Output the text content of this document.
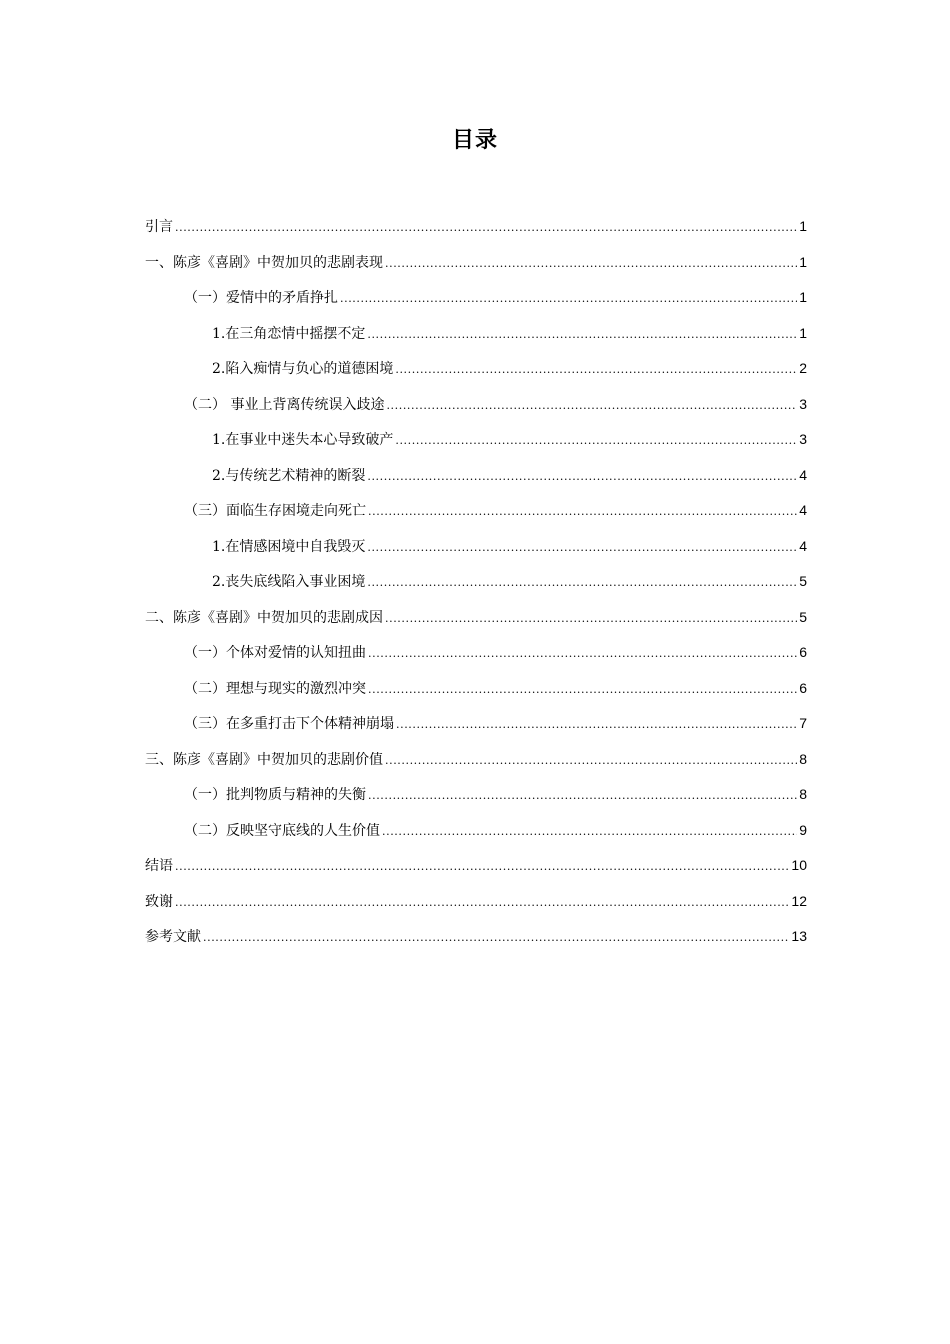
目录
引言 .....	1
一、陈彦《喜剧》中贺加贝的悲剧表现 .....	1
（一）爱情中的矛盾挣扎 .....	1
1.在三角恋情中摇摆不定 .....	1
2.陷入痴情与负心的道德困境 .....	2
（二） 事业上背离传统误入歧途 .....	3
1.在事业中迷失本心导致破产 .....	3
2.与传统艺术精神的断裂 .....	4
（三）面临生存困境走向死亡 .....	4
1.在情感困境中自我毁灭 .....	4
2.丧失底线陷入事业困境 .....	5
二、陈彦《喜剧》中贺加贝的悲剧成因 .....	5
（一）个体对爱情的认知扭曲 .....	6
（二）理想与现实的激烈冲突 .....	6
（三）在多重打击下个体精神崩塌 .....	7
三、陈彦《喜剧》中贺加贝的悲剧价值 .....	8
（一）批判物质与精神的失衡 .....	8
（二）反映坚守底线的人生价值 .....	9
结语 .....	10
致谢 .....	12
参考文献 .....	13
